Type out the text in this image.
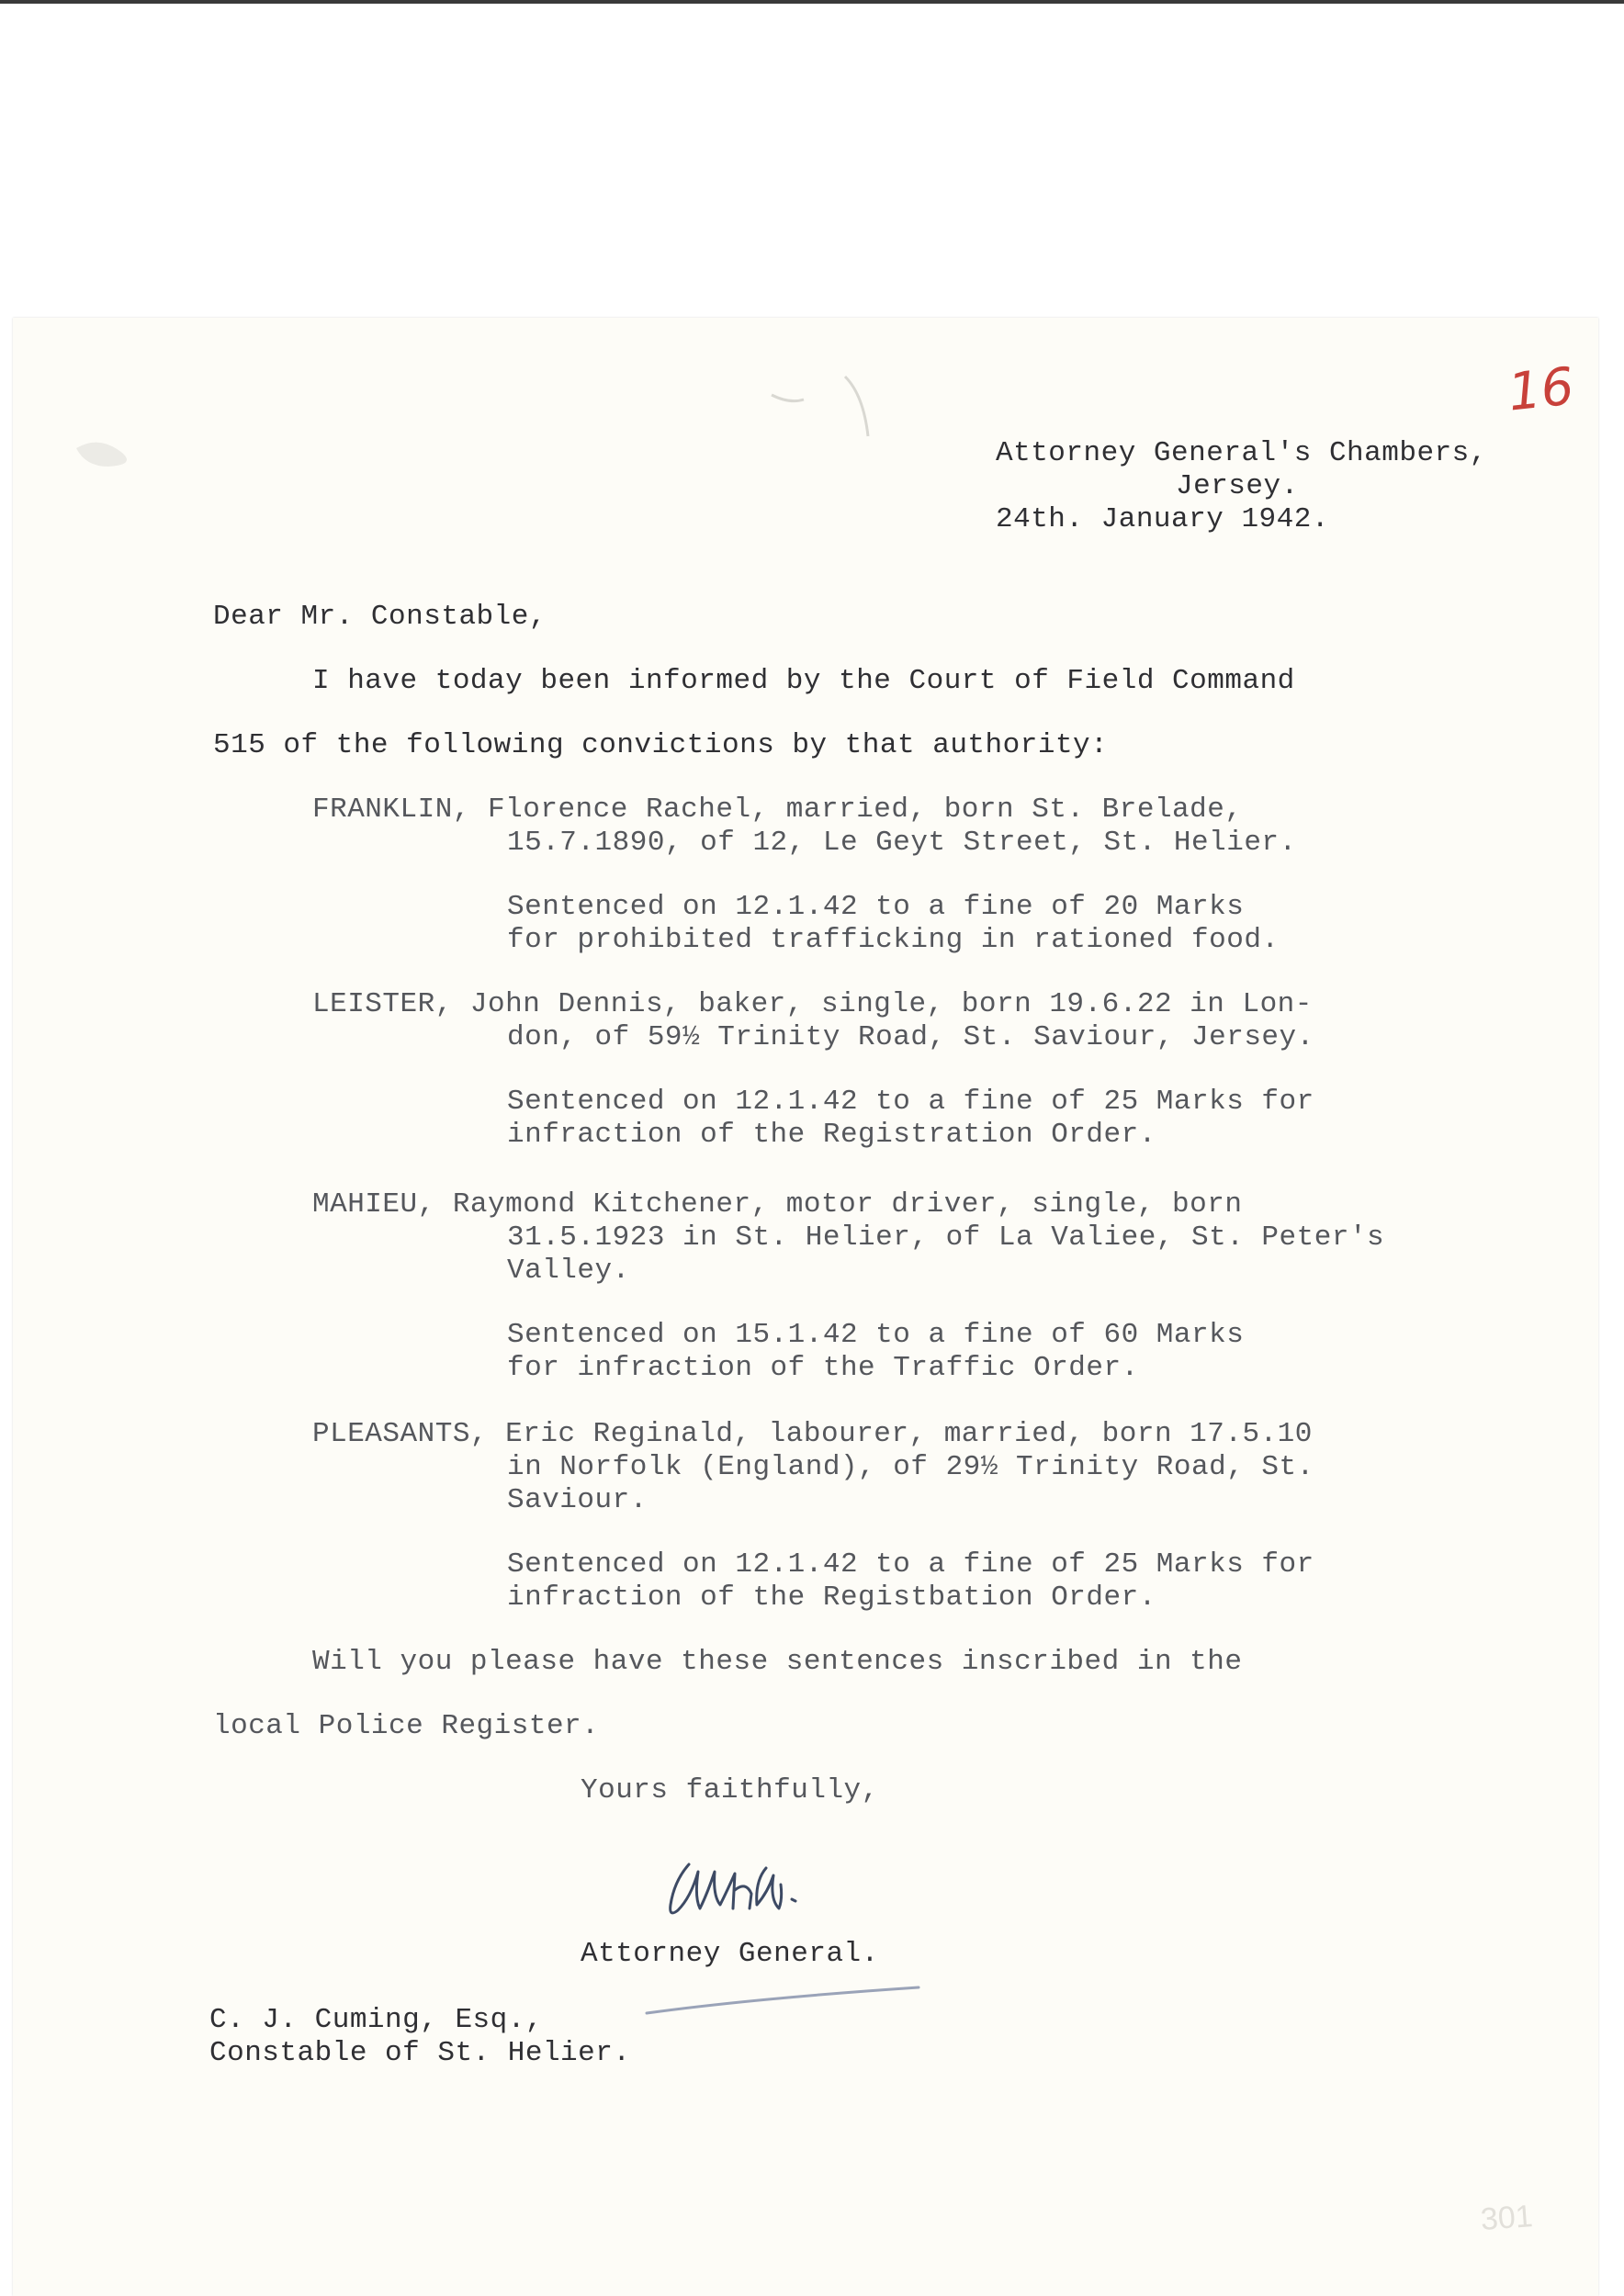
16
Attorney General's Chambers,
Jersey.
24th. January 1942.
Dear Mr. Constable,
I have today been informed by the Court of Field Command
515 of the following convictions by that authority:
FRANKLIN, Florence Rachel, married, born St. Brelade,
15.7.1890, of 12, Le Geyt Street, St. Helier.
Sentenced on 12.1.42 to a fine of 20 Marks
for prohibited trafficking in rationed food.
LEISTER, John Dennis, baker, single, born 19.6.22 in Lon-
don, of 59½ Trinity Road, St. Saviour, Jersey.
Sentenced on 12.1.42 to a fine of 25 Marks for
infraction of the Registration Order.
MAHIEU, Raymond Kitchener, motor driver, single, born
31.5.1923 in St. Helier, of La Valiee, St. Peter's
Valley.
Sentenced on 15.1.42 to a fine of 60 Marks
for infraction of the Traffic Order.
PLEASANTS, Eric Reginald, labourer, married, born 17.5.10
in Norfolk (England), of 29½ Trinity Road, St.
Saviour.
Sentenced on 12.1.42 to a fine of 25 Marks for
infraction of the Registbation Order.
Will you please have these sentences inscribed in the
local Police Register.
Yours faithfully,
Attorney General.
C. J. Cuming, Esq.,
Constable of St. Helier.
301
